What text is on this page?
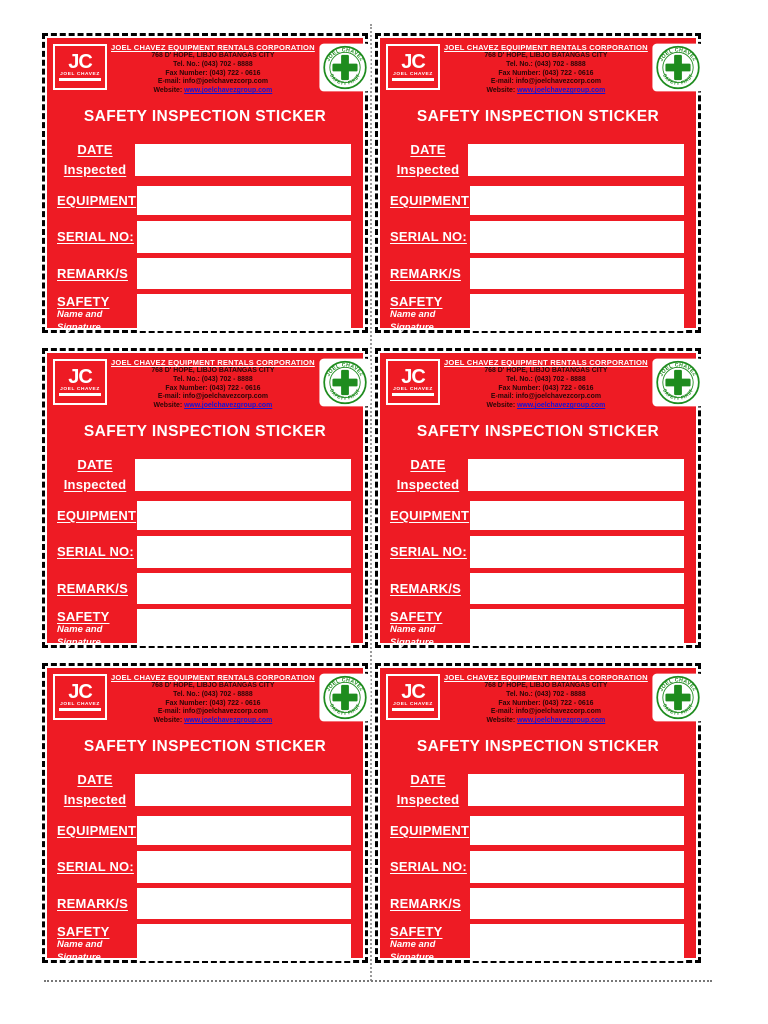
JC
JOEL CHAVEZ
JOEL CHAVEZ EQUIPMENT RENTALS CORPORATION
768 D' HOPE, LIBJO BATANGAS CITY
Tel. No.: (043) 702 - 8888
Fax Number: (043) 722 - 0616
E-mail: info@joelchavezcorp.com
Website: www.joelchavezgroup.com
JOEL CHAVEZ
SAFETY FIRST
SAFETY INSPECTION STICKER
DATE
Inspected
EQUIPMENT
SERIAL NO:
REMARK/S
SAFETY
Name and
Signature
JC
JOEL CHAVEZ
JOEL CHAVEZ EQUIPMENT RENTALS CORPORATION
768 D' HOPE, LIBJO BATANGAS CITY
Tel. No.: (043) 702 - 8888
Fax Number: (043) 722 - 0616
E-mail: info@joelchavezcorp.com
Website: www.joelchavezgroup.com
JOEL CHAVEZ
SAFETY FIRST
SAFETY INSPECTION STICKER
DATE
Inspected
EQUIPMENT
SERIAL NO:
REMARK/S
SAFETY
Name and
Signature
JC
JOEL CHAVEZ
JOEL CHAVEZ EQUIPMENT RENTALS CORPORATION
768 D' HOPE, LIBJO BATANGAS CITY
Tel. No.: (043) 702 - 8888
Fax Number: (043) 722 - 0616
E-mail: info@joelchavezcorp.com
Website: www.joelchavezgroup.com
JOEL CHAVEZ
SAFETY FIRST
SAFETY INSPECTION STICKER
DATE
Inspected
EQUIPMENT
SERIAL NO:
REMARK/S
SAFETY
Name and
Signature
JC
JOEL CHAVEZ
JOEL CHAVEZ EQUIPMENT RENTALS CORPORATION
768 D' HOPE, LIBJO BATANGAS CITY
Tel. No.: (043) 702 - 8888
Fax Number: (043) 722 - 0616
E-mail: info@joelchavezcorp.com
Website: www.joelchavezgroup.com
JOEL CHAVEZ
SAFETY FIRST
SAFETY INSPECTION STICKER
DATE
Inspected
EQUIPMENT
SERIAL NO:
REMARK/S
SAFETY
Name and
Signature
JC
JOEL CHAVEZ
JOEL CHAVEZ EQUIPMENT RENTALS CORPORATION
768 D' HOPE, LIBJO BATANGAS CITY
Tel. No.: (043) 702 - 8888
Fax Number: (043) 722 - 0616
E-mail: info@joelchavezcorp.com
Website: www.joelchavezgroup.com
JOEL CHAVEZ
SAFETY FIRST
SAFETY INSPECTION STICKER
DATE
Inspected
EQUIPMENT
SERIAL NO:
REMARK/S
SAFETY
Name and
Signature
JC
JOEL CHAVEZ
JOEL CHAVEZ EQUIPMENT RENTALS CORPORATION
768 D' HOPE, LIBJO BATANGAS CITY
Tel. No.: (043) 702 - 8888
Fax Number: (043) 722 - 0616
E-mail: info@joelchavezcorp.com
Website: www.joelchavezgroup.com
JOEL CHAVEZ
SAFETY FIRST
SAFETY INSPECTION STICKER
DATE
Inspected
EQUIPMENT
SERIAL NO:
REMARK/S
SAFETY
Name and
Signature
